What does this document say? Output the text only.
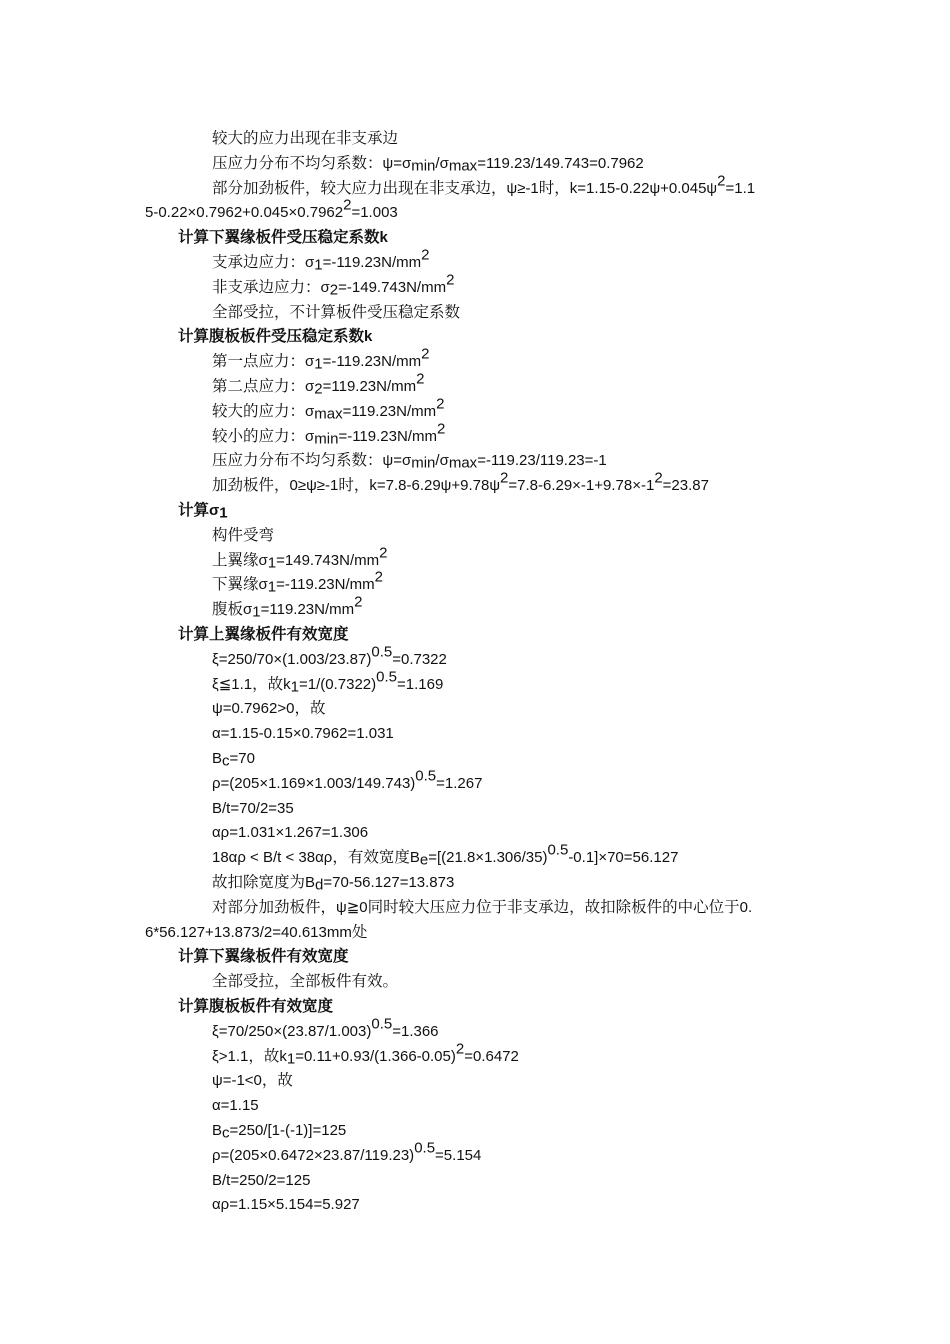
较大的应力出现在非支承边
压应力分布不均匀系数：$\psi=\sigma_{min}/\sigma_{max}=119.23/149.743=0.7962$
部分加劲板件，较大应力出现在非支承边，ψ≥-1时，$k=1.15-0.22\psi+0.045\psi^2=1.1$
$5-0.22\times 0.7962+0.045\times 0.7962^2=1.003$
计算下翼缘板件受压稳定系数k
支承边应力：$\sigma_1=-119.23N/mm^2$
非支承边应力：$\sigma_2=-149.743N/mm^2$
全部受拉，不计算板件受压稳定系数
计算腹板板件受压稳定系数k
第一点应力：$\sigma_1=-119.23N/mm^2$
第二点应力：$\sigma_2=119.23N/mm^2$
较大的应力：$\sigma_{max}=119.23N/mm^2$
较小的应力：$\sigma_{min}=-119.23N/mm^2$
压应力分布不均匀系数：$\psi=\sigma_{min}/\sigma_{max}=-119.23/119.23=-1$
加劲板件，0≥ψ≥-1时，$k=7.8-6.29\psi+9.78\psi^2=7.8-6.29\times-1+9.78\times-1^2=23.87$
计算$\sigma_1$
构件受弯
上翼缘$\sigma_1=149.743N/mm^2$
下翼缘$\sigma_1=-119.23N/mm^2$
腹板$\sigma_1=119.23N/mm^2$
计算上翼缘板件有效宽度
$\xi=250/70\times(1.003/23.87)^{0.5}=0.7322$
ξ≦1.1，故$k_1=1/(0.7322)^{0.5}=1.169$
ψ=0.7962>0，故
α=1.15-0.15×0.7962=1.031
$B_c=70$
$\rho=(205\times 1.169\times 1.003/149.743)^{0.5}=1.267$
B/t=70/2=35
αρ=1.031×1.267=1.306
18αρ < B/t < 38αρ，有效宽度$B_e=[(21.8\times 1.306/35)^{0.5}-0.1]\times 70=56.127$
故扣除宽度为$B_d=70-56.127=13.873$
对部分加劲板件，ψ≧0同时较大压应力位于非支承边，故扣除板件的中心位于0.
6*56.127+13.873/2=40.613mm处
计算下翼缘板件有效宽度
全部受拉，全部板件有效。
计算腹板板件有效宽度
$\xi=70/250\times(23.87/1.003)^{0.5}=1.366$
ξ>1.1，故$k_1=0.11+0.93/(1.366-0.05)^2=0.6472$
ψ=-1<0，故
α=1.15
$B_c=250/[1-(-1)]=125$
$\rho=(205\times 0.6472\times 23.87/119.23)^{0.5}=5.154$
B/t=250/2=125
αρ=1.15×5.154=5.927
